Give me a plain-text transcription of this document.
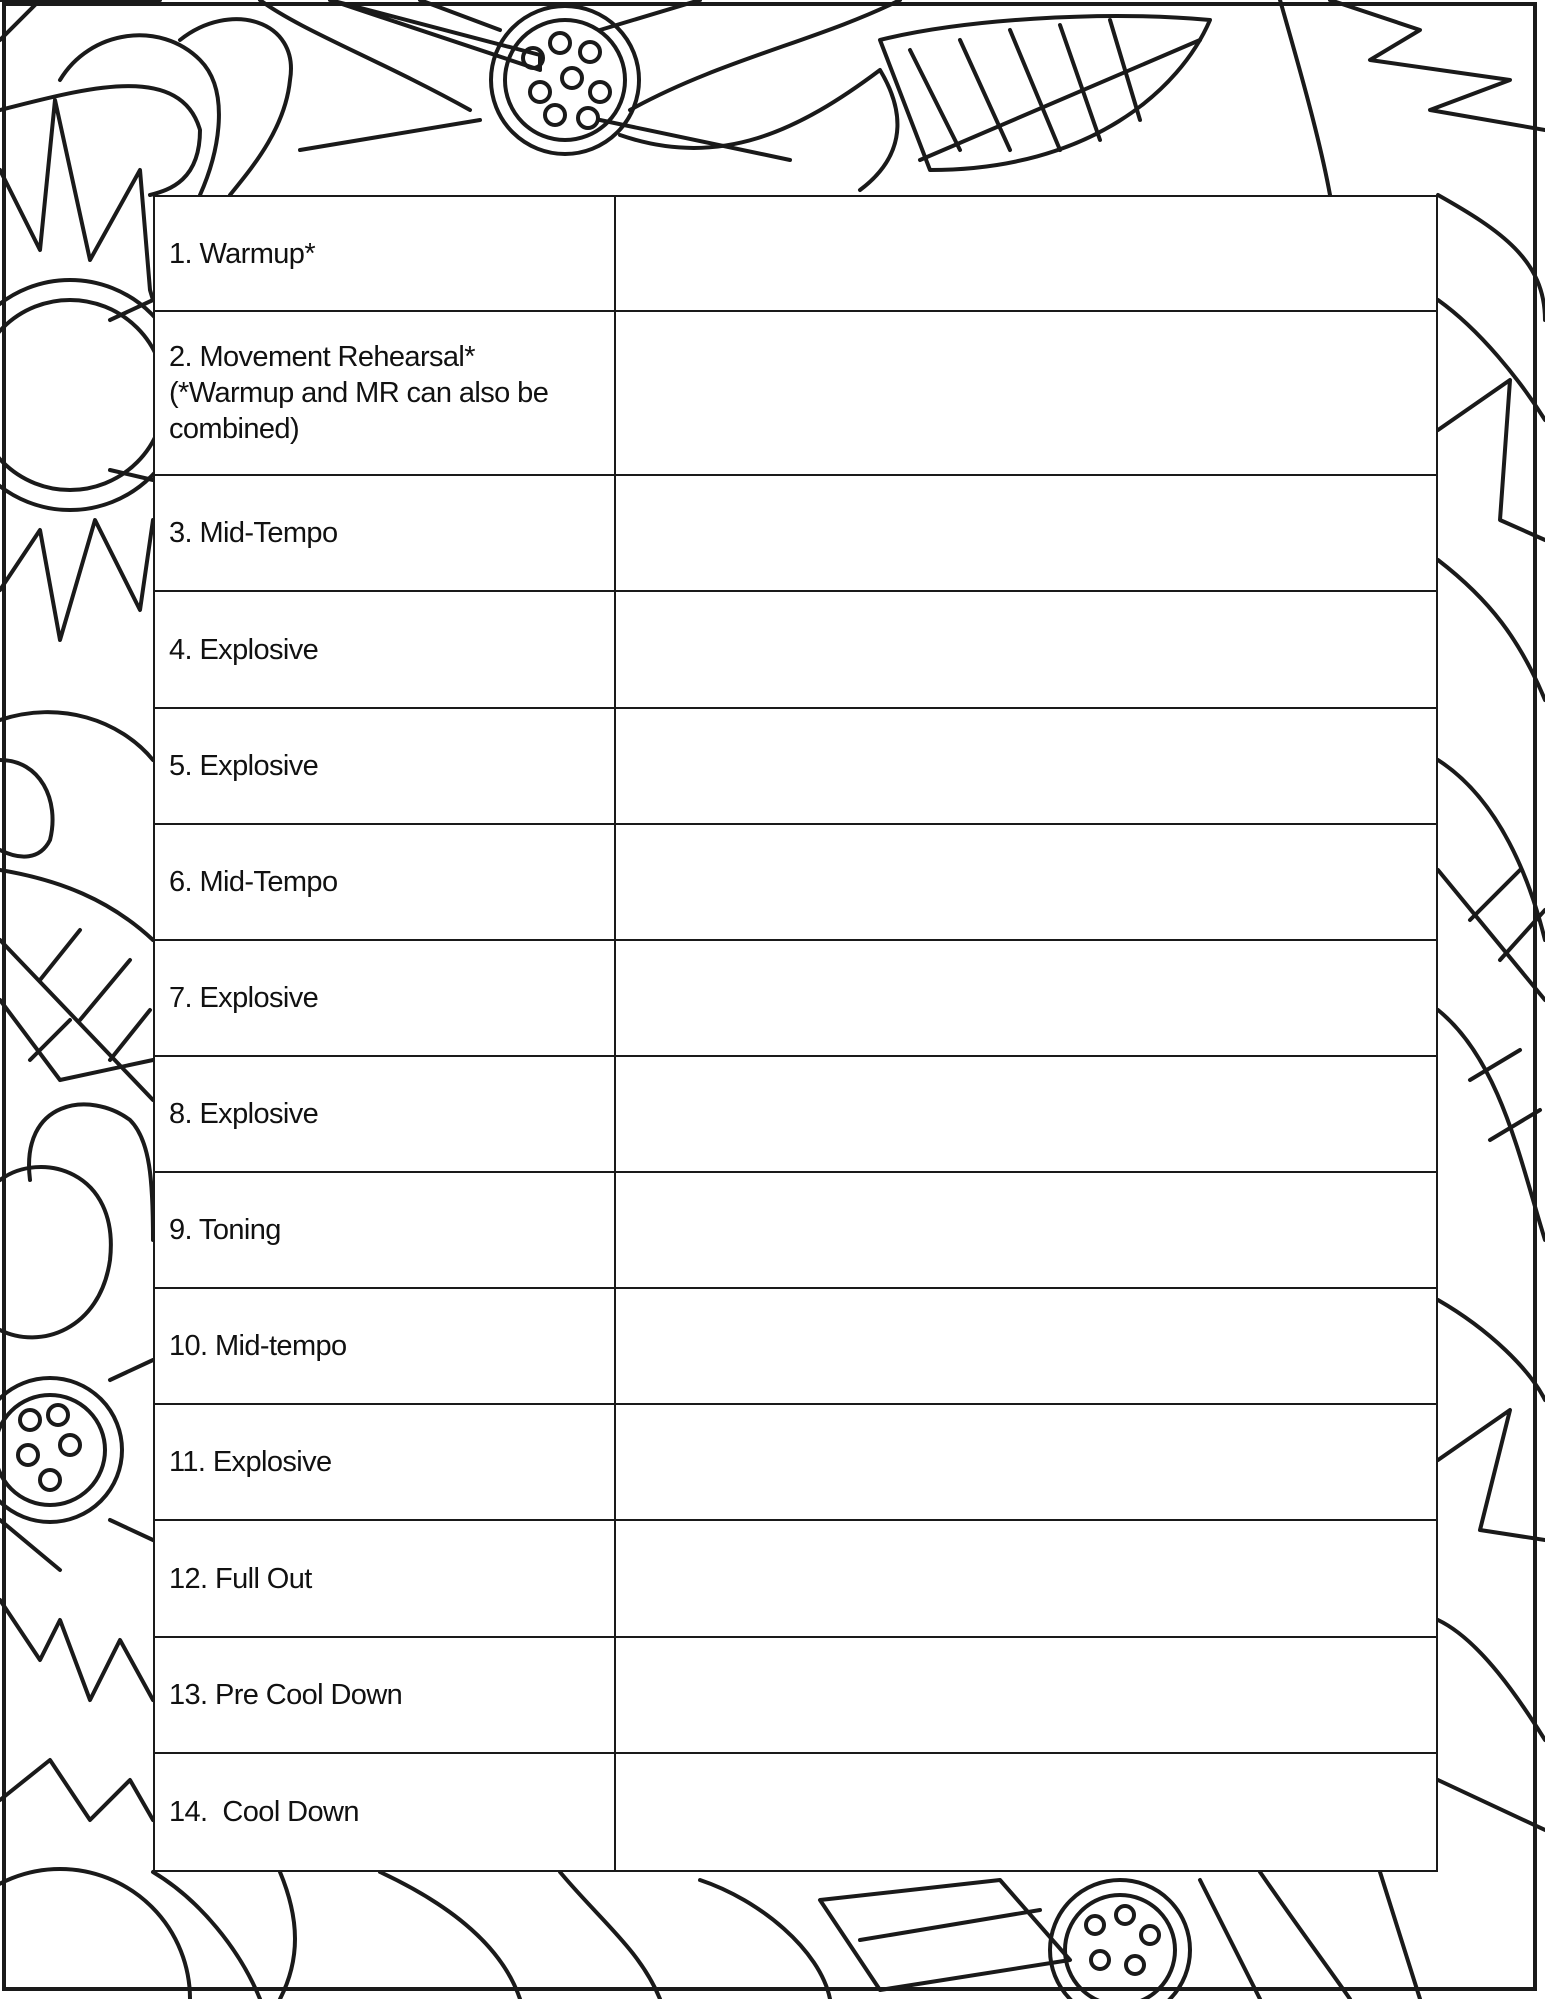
1. Warmup*	

2. Movement Rehearsal*
(*Warmup and MR can also be combined)	

3. Mid-Tempo	

4. Explosive	

5. Explosive	

6. Mid-Tempo	

7. Explosive	

8. Explosive	

9. Toning	

10. Mid-tempo	

11. Explosive	

12. Full Out	

13. Pre Cool Down	

14.  Cool Down	
